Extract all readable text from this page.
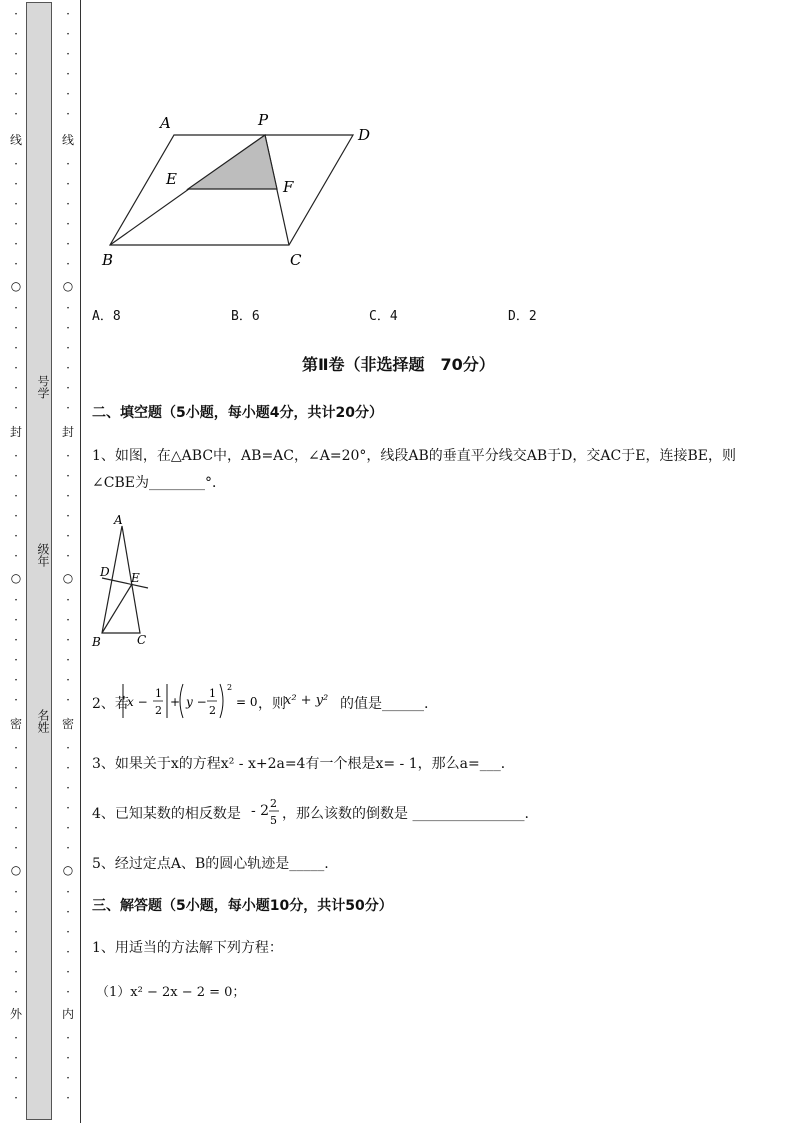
·
·
·
·
·
·
线
·
·
·
·
·
·
○
·
·
·
·
·
·
封
·
·
·
·
·
·
○
·
·
·
·
·
·
密
·
·
·
·
·
·
○
·
·
·
·
·
·
外
·
·
·
·
号学
级年
名姓
·
·
·
·
·
·
线
·
·
·
·
·
·
○
·
·
·
·
·
·
封
·
·
·
·
·
·
○
·
·
·
·
·
·
密
·
·
·
·
·
·
○
·
·
·
·
·
·
内
·
·
·
·
A	P
D
E	F
B	C
A．8	B．6	C．4	D．2
第Ⅱ卷（非选择题　70分）
二、填空题（5小题，每小题4分，共计20分）
1、如图，在△ABC中，AB=AC，∠A=20°，线段AB的垂直平分线交AB于D，交AC于E，连接BE，则
∠CBE为________°．
A
D E
B	C
2、若
x −
1
2
+ y −
1
2
2
= 0 ，则
x² + y² 的值是______.
3、如果关于x的方程x² - x+2a=4有一个根是x= - 1，那么a=___．
4、已知某数的相反数是 - 2 2
5 ，那么该数的倒数是 ________________.
5、经过定点A、B的圆心轨迹是_____.
三、解答题（5小题，每小题10分，共计50分）
1、用适当的方法解下列方程：
（1）x² − 2x − 2 = 0；
